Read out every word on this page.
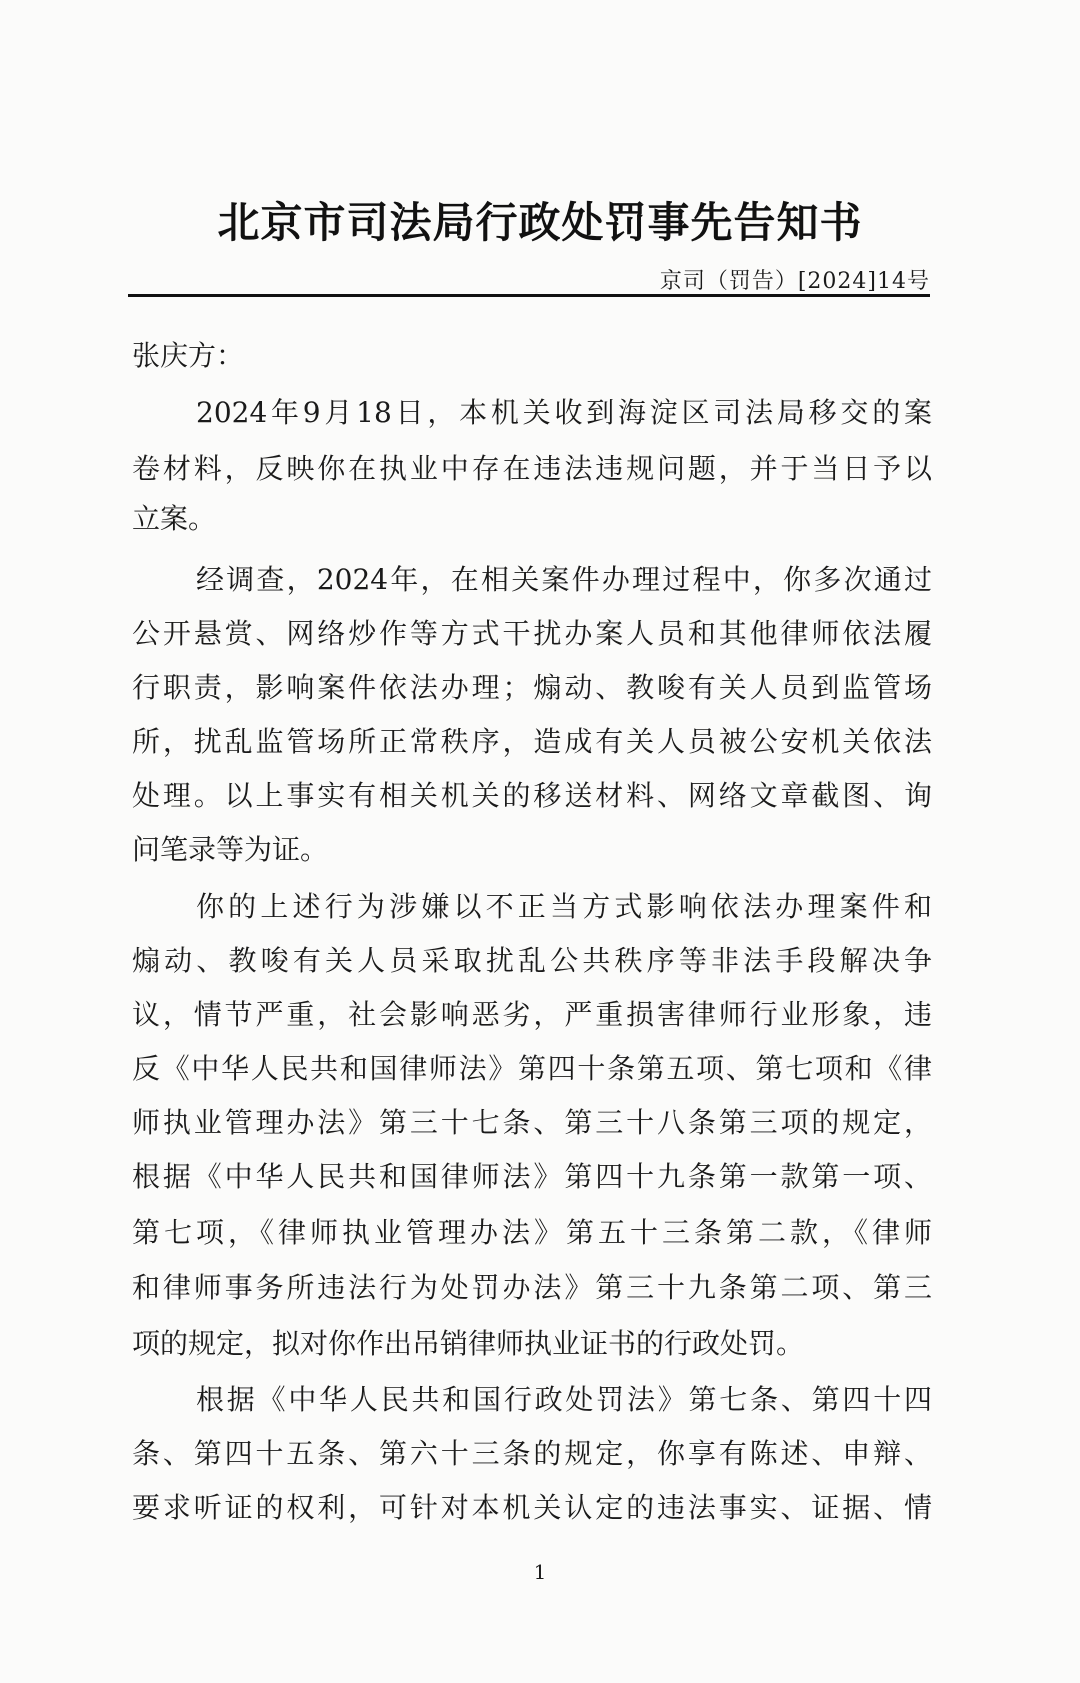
北京市司法局行政处罚事先告知书
京司（罚告）[2024]14号
张庆方：
2024年9月18日，本机关收到海淀区司法局移交的案
卷材料，反映你在执业中存在违法违规问题，并于当日予以
立案。
经调查，2024年，在相关案件办理过程中，你多次通过
公开悬赏、网络炒作等方式干扰办案人员和其他律师依法履
行职责，影响案件依法办理；煽动、教唆有关人员到监管场
所，扰乱监管场所正常秩序，造成有关人员被公安机关依法
处理。以上事实有相关机关的移送材料、网络文章截图、询
问笔录等为证。
你的上述行为涉嫌以不正当方式影响依法办理案件和
煽动、教唆有关人员采取扰乱公共秩序等非法手段解决争
议，情节严重，社会影响恶劣，严重损害律师行业形象，违
反《中华人民共和国律师法》第四十条第五项、第七项和《律
师执业管理办法》第三十七条、第三十八条第三项的规定，
根据《中华人民共和国律师法》第四十九条第一款第一项、
第七项，《律师执业管理办法》第五十三条第二款，《律师
和律师事务所违法行为处罚办法》第三十九条第二项、第三
项的规定，拟对你作出吊销律师执业证书的行政处罚。
根据《中华人民共和国行政处罚法》第七条、第四十四
条、第四十五条、第六十三条的规定，你享有陈述、申辩、
要求听证的权利，可针对本机关认定的违法事实、证据、情
1
